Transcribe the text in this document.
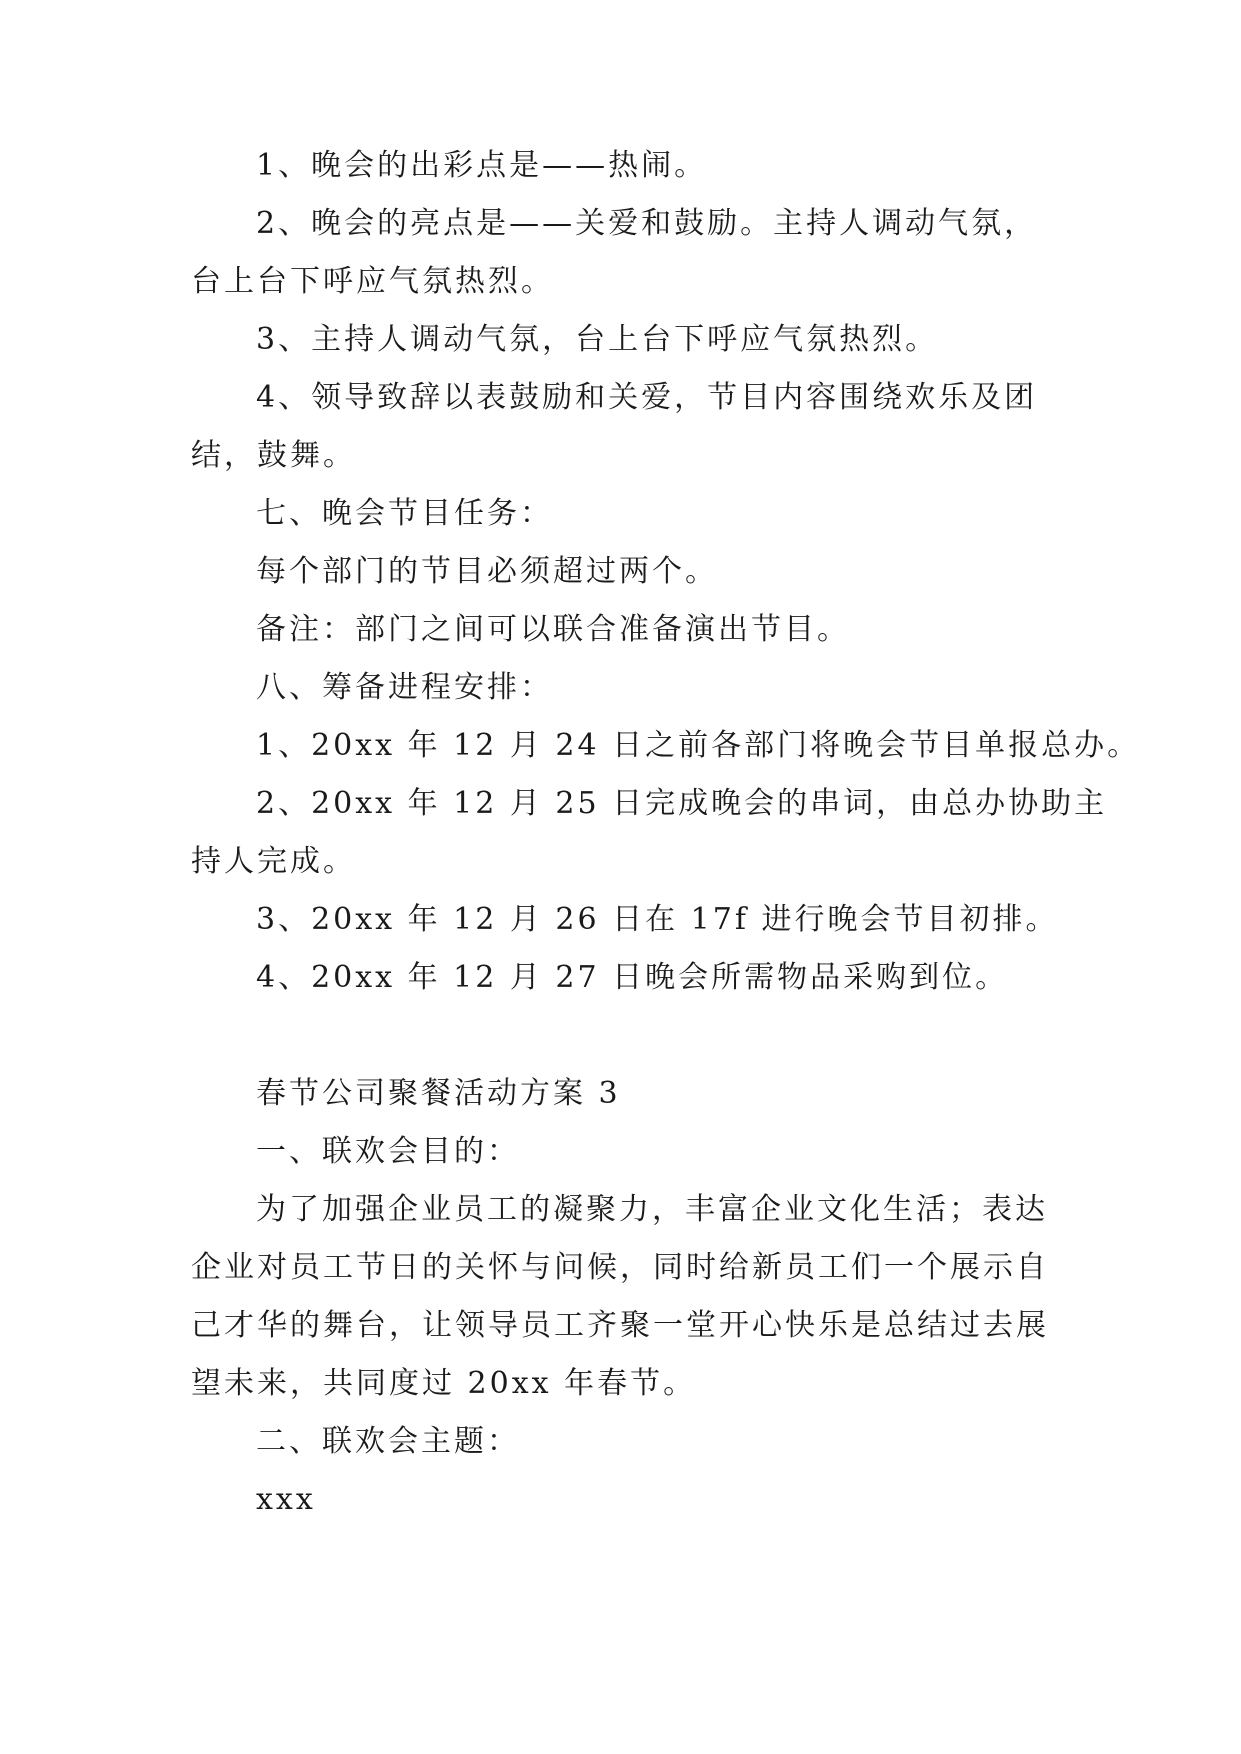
1、晚会的出彩点是——热闹。
2、晚会的亮点是——关爱和鼓励。主持人调动气氛，
台上台下呼应气氛热烈。
3、主持人调动气氛，台上台下呼应气氛热烈。
4、领导致辞以表鼓励和关爱，节目内容围绕欢乐及团
结，鼓舞。
七、晚会节目任务：
每个部门的节目必须超过两个。
备注：部门之间可以联合准备演出节目。
八、筹备进程安排：
1、20xx 年 12 月 24 日之前各部门将晚会节目单报总办。
2、20xx 年 12 月 25 日完成晚会的串词，由总办协助主
持人完成。
3、20xx 年 12 月 26 日在 17f 进行晚会节目初排。
4、20xx 年 12 月 27 日晚会所需物品采购到位。
春节公司聚餐活动方案 3
一、联欢会目的：
为了加强企业员工的凝聚力，丰富企业文化生活；表达
企业对员工节日的关怀与问候，同时给新员工们一个展示自
己才华的舞台，让领导员工齐聚一堂开心快乐是总结过去展
望未来，共同度过 20xx 年春节。
二、联欢会主题：
xxx
